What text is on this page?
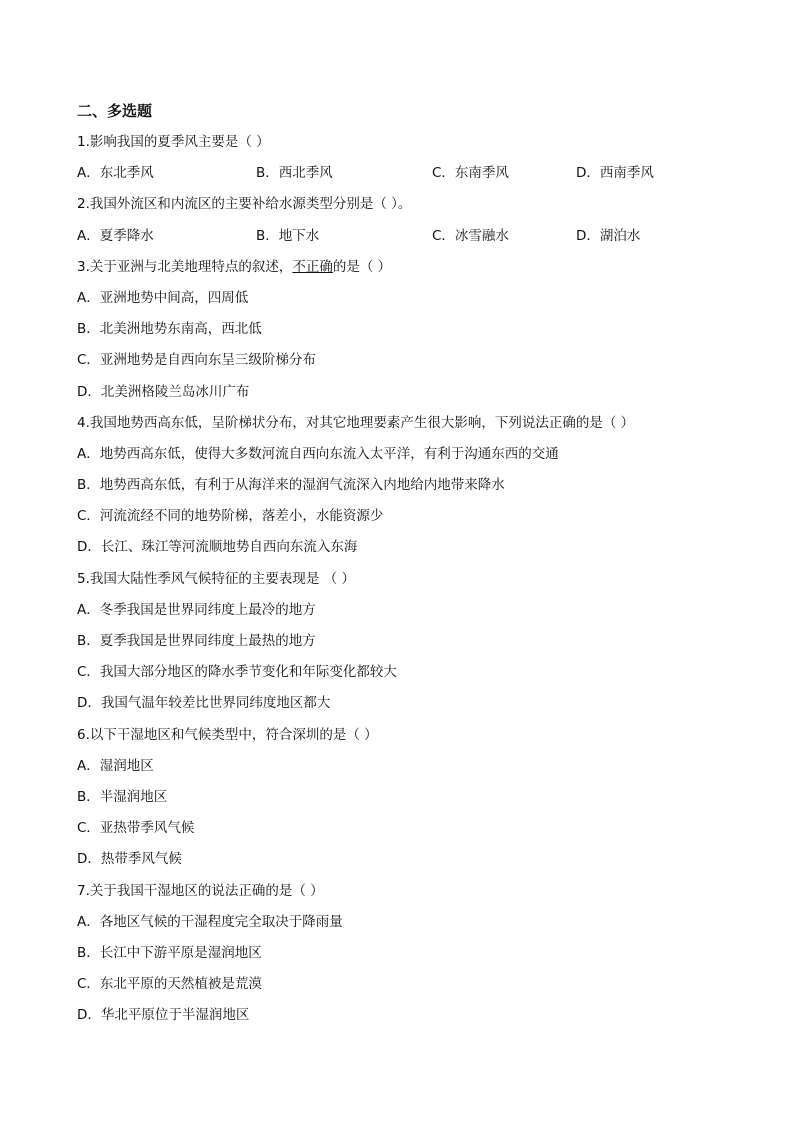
二、多选题
1.影响我国的夏季风主要是（ ）
A．东北季风	B．西北季风	C．东南季风	D．西南季风
2.我国外流区和内流区的主要补给水源类型分别是（ ）。
A．夏季降水	B．地下水	C．冰雪融水	D．湖泊水
3.关于亚洲与北美地理特点的叙述，不正确的是（ ）
A．亚洲地势中间高，四周低
B．北美洲地势东南高，西北低
C．亚洲地势是自西向东呈三级阶梯分布
D．北美洲格陵兰岛冰川广布
4.我国地势西高东低，呈阶梯状分布，对其它地理要素产生很大影响，下列说法正确的是（ ）
A．地势西高东低，使得大多数河流自西向东流入太平洋，有利于沟通东西的交通
B．地势西高东低，有利于从海洋来的湿润气流深入内地给内地带来降水
C．河流流经不同的地势阶梯，落差小，水能资源少
D．长江、珠江等河流顺地势自西向东流入东海
5.我国大陆性季风气候特征的主要表现是 （ ）
A．冬季我国是世界同纬度上最冷的地方
B．夏季我国是世界同纬度上最热的地方
C．我国大部分地区的降水季节变化和年际变化都较大
D．我国气温年较差比世界同纬度地区都大
6.以下干湿地区和气候类型中，符合深圳的是（ ）
A．湿润地区
B．半湿润地区
C．亚热带季风气候
D．热带季风气候
7.关于我国干湿地区的说法正确的是（ ）
A．各地区气候的干湿程度完全取决于降雨量
B．长江中下游平原是湿润地区
C．东北平原的天然植被是荒漠
D．华北平原位于半湿润地区
